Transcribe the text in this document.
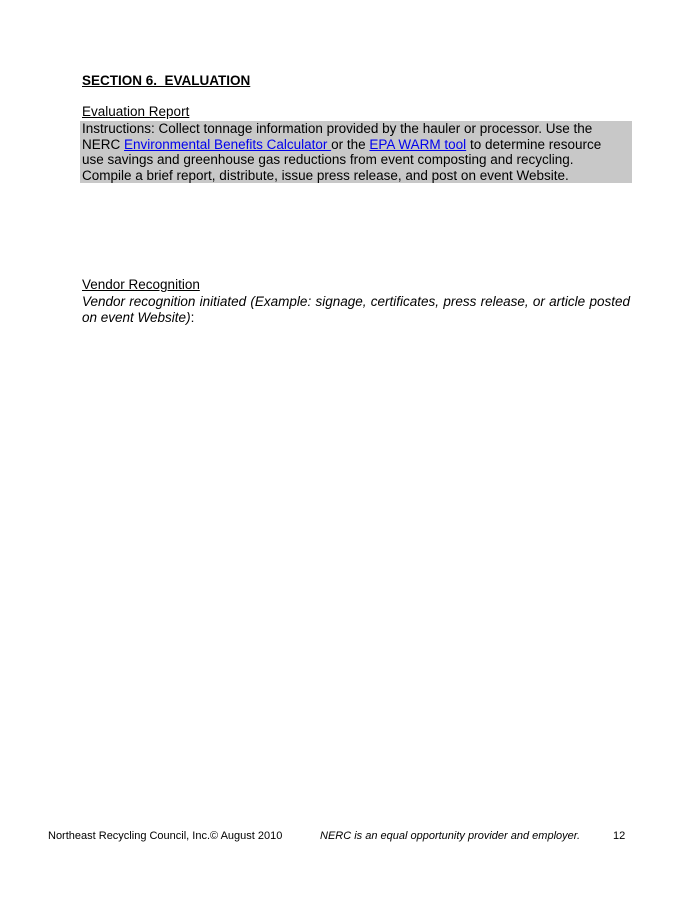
SECTION 6.  EVALUATION
Evaluation Report
Instructions: Collect tonnage information provided by the hauler or processor. Use the
NERC Environmental Benefits Calculator or the EPA WARM tool to determine resource
use savings and greenhouse gas reductions from event composting and recycling.
Compile a brief report, distribute, issue press release, and post on event Website.
Vendor Recognition
Vendor recognition initiated (Example: signage, certificates, press release, or article posted on event Website):
Northeast Recycling Council, Inc.© August 2010	NERC is an equal opportunity provider and employer.	12
